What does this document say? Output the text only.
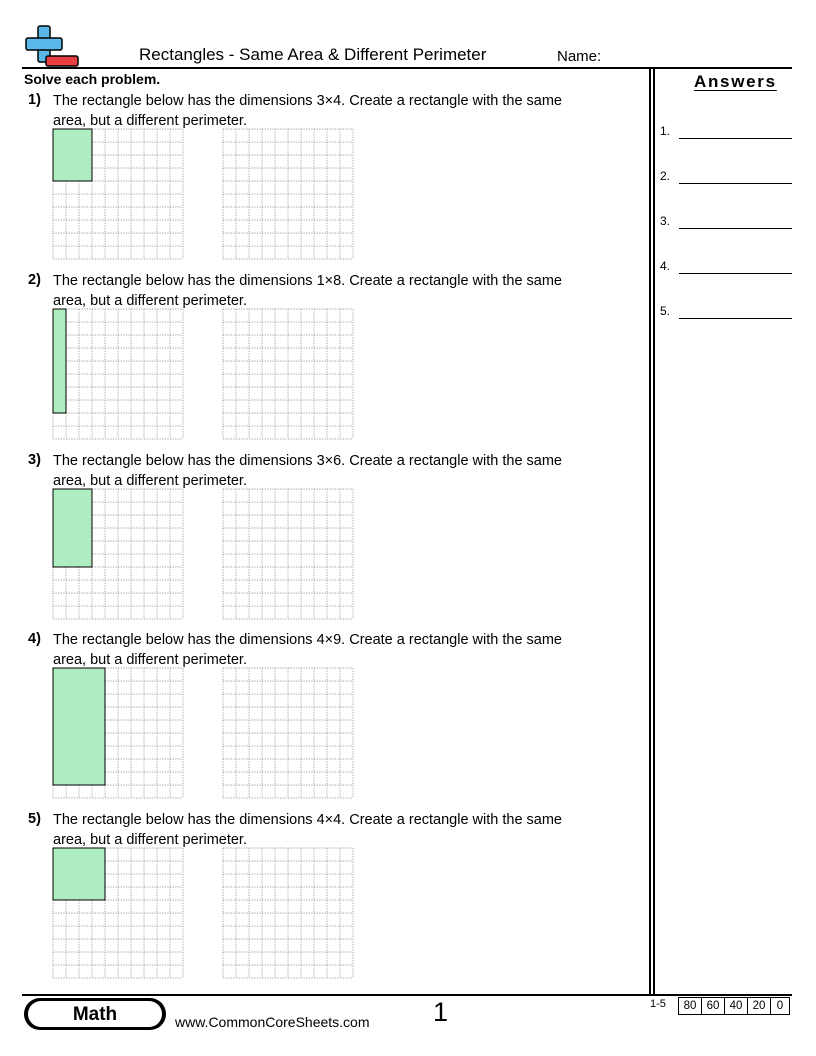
Rectangles - Same Area & Different Perimeter	Name:
Solve each problem.
1) The rectangle below has the dimensions 3×4. Create a rectangle with the same
area, but a different perimeter.
2) The rectangle below has the dimensions 1×8. Create a rectangle with the same
area, but a different perimeter.
3) The rectangle below has the dimensions 3×6. Create a rectangle with the same
area, but a different perimeter.
4) The rectangle below has the dimensions 4×9. Create a rectangle with the same
area, but a different perimeter.
5) The rectangle below has the dimensions 4×4. Create a rectangle with the same
area, but a different perimeter.
Answers
1.
2.
3.
4.
5.
Math	www.CommonCoreSheets.com 1	1-5	80 60 40 20 0
